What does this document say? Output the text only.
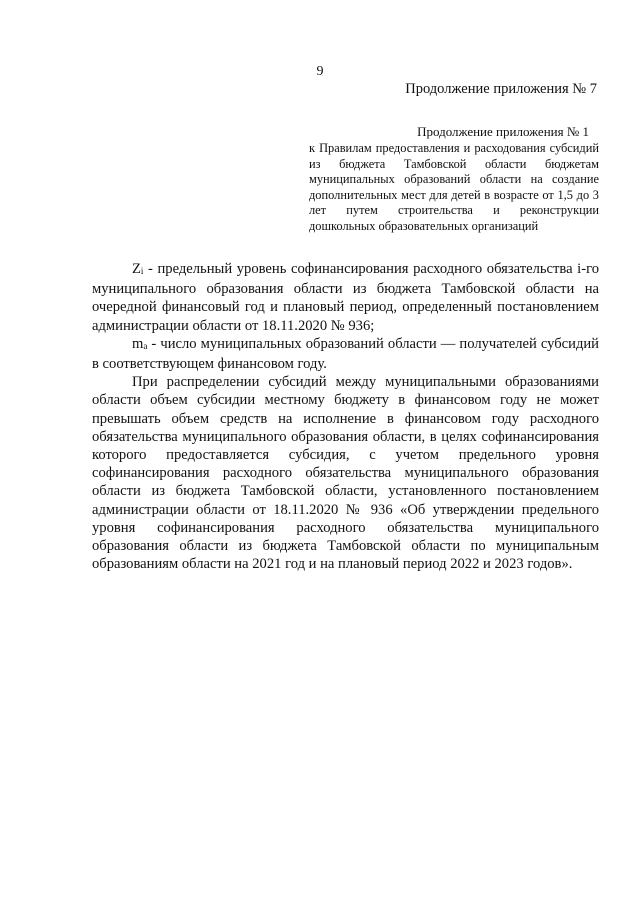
9
Продолжение приложения № 7
Продолжение приложения № 1

к Правилам предоставления и расходования субсидий из бюджета Тамбовской области бюджетам муниципальных образований области на создание дополнительных мест для детей в возрасте от 1,5 до 3 лет путем строительства и реконструкции дошкольных образовательных организаций

Zi - предельный уровень софинансирования расходного обязательства i-го муниципального образования области из бюджета Тамбовской области на очередной финансовый год и плановый период, определенный постановлением администрации области от 18.11.2020 № 936;

ma - число муниципальных образований области — получателей субсидий в соответствующем финансовом году.

При распределении субсидий между муниципальными образованиями области объем субсидии местному бюджету в финансовом году не может превышать объем средств на исполнение в финансовом году расходного обязательства муниципального образования области, в целях софинансирования которого предоставляется субсидия, с учетом предельного уровня софинансирования расходного обязательства муниципального образования области из бюджета Тамбовской области, установленного постановлением администрации области от 18.11.2020 № 936 «Об утверждении предельного уровня софинансирования расходного обязательства муниципального образования области из бюджета Тамбовской области по муниципальным образованиям области на 2021 год и на плановый период 2022 и 2023 годов».
